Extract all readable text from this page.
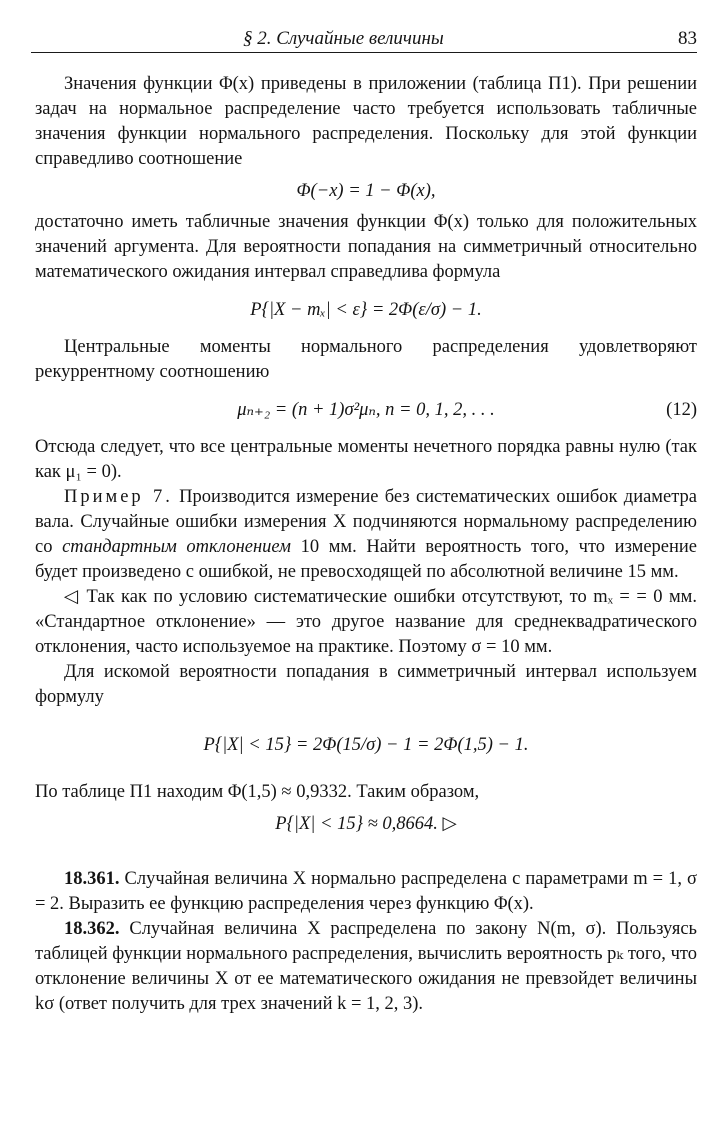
§ 2. Случайные величины	83

Значения функции Φ(x) приведены в приложении (таблица П1). При решении задач на нормальное распределение часто требуется использовать табличные значения функции нормального распределения. Поскольку для этой функции справедливо соотношение

Φ(−x) = 1 − Φ(x),

достаточно иметь табличные значения функции Φ(x) только для положительных значений аргумента. Для вероятности попадания на симметричный относительно математического ожидания интервал справедлива формула

P{|X − mₓ| < ε} = 2Φ(ε/σ) − 1.

Центральные моменты нормального распределения удовлетворяют рекуррентному соотношению

μₙ₊₂ = (n + 1)σ²μₙ, n = 0, 1, 2, . . .	(12)

Отсюда следует, что все центральные моменты нечетного порядка равны нулю (так как μ₁ = 0).

Пример 7. Производится измерение без систематических ошибок диаметра вала. Случайные ошибки измерения X подчиняются нормальному распределению со стандартным отклонением 10 мм. Найти вероятность того, что измерение будет произведено с ошибкой, не превосходящей по абсолютной величине 15 мм.

◁ Так как по условию систематические ошибки отсутствуют, то mₓ = = 0 мм. «Стандартное отклонение» — это другое название для среднеквадратического отклонения, часто используемое на практике. Поэтому σ = 10 мм.

Для искомой вероятности попадания в симметричный интервал используем формулу

P{|X| < 15} = 2Φ(15/σ) − 1 = 2Φ(1,5) − 1.

По таблице П1 находим Φ(1,5) ≈ 0,9332. Таким образом,

P{|X| < 15} ≈ 0,8664. ▷

18.361. Случайная величина X нормально распределена с параметрами m = 1, σ = 2. Выразить ее функцию распределения через функцию Φ(x).

18.362. Случайная величина X распределена по закону N(m, σ). Пользуясь таблицей функции нормального распределения, вычислить вероятность pₖ того, что отклонение величины X от ее математического ожидания не превзойдет величины kσ (ответ получить для трех значений k = 1, 2, 3).
